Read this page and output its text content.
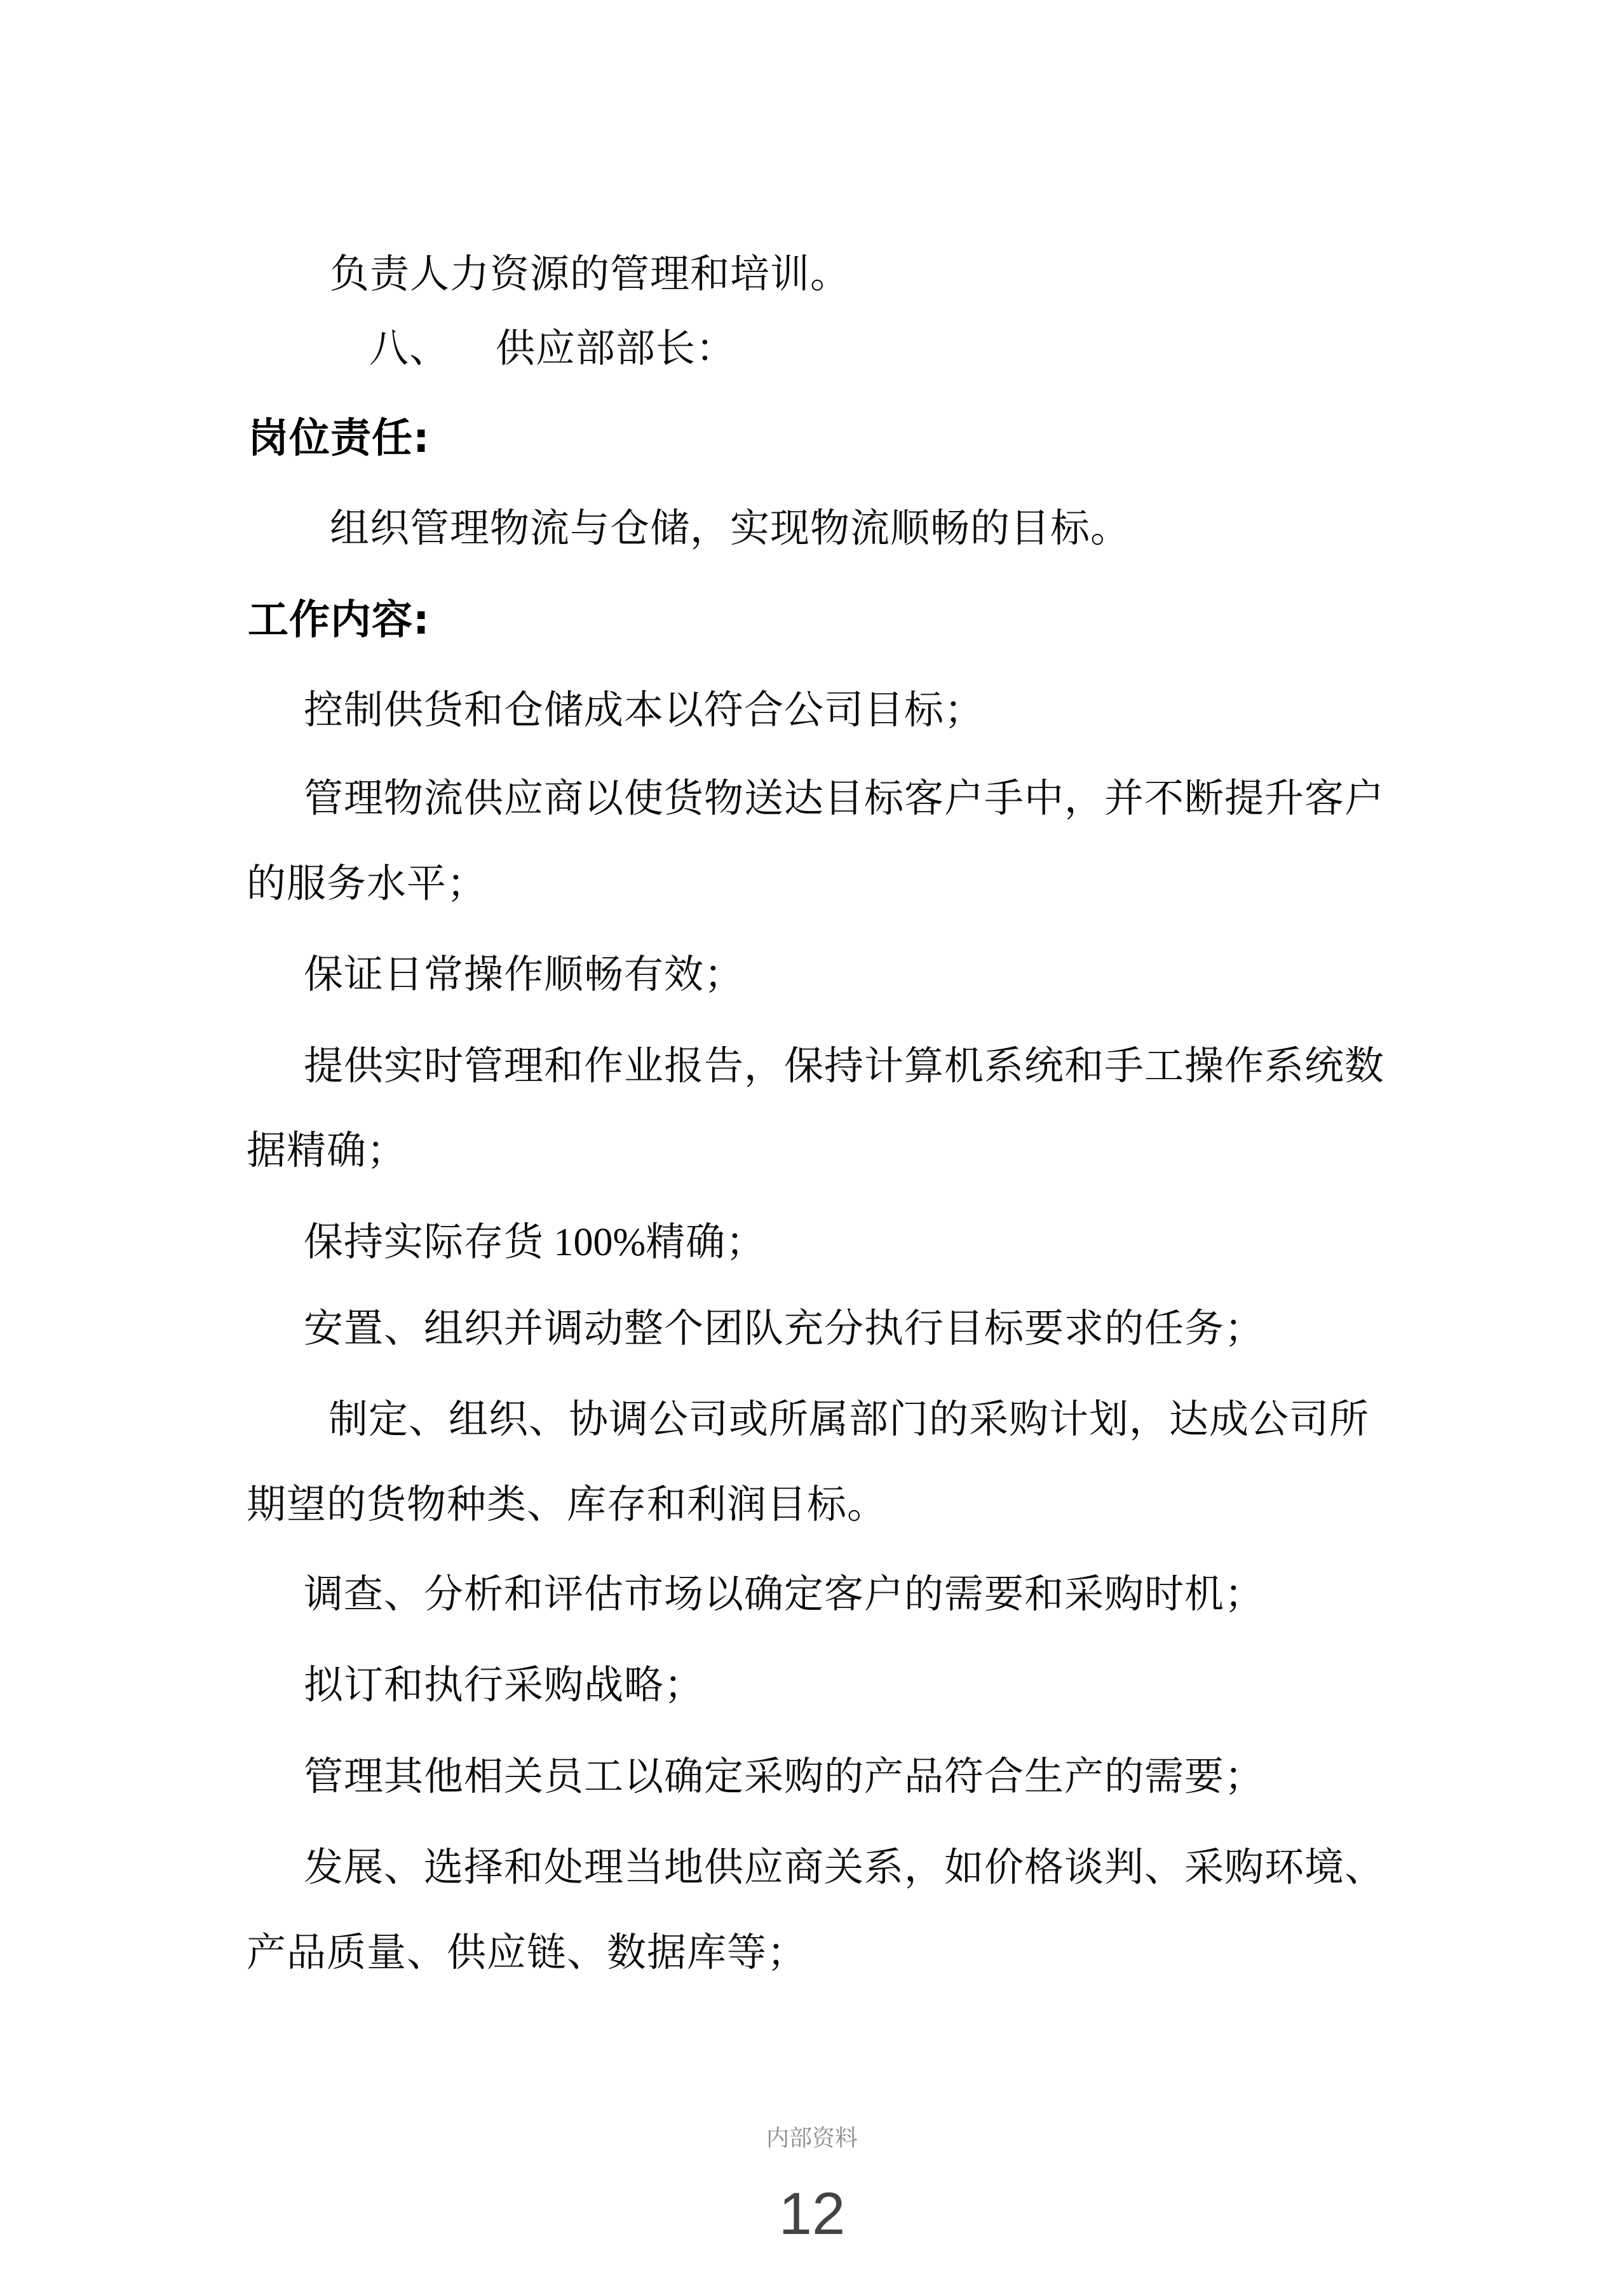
负责人力资源的管理和培训。
八、 供应部部长：
岗位责任:
组织管理物流与仓储，实现物流顺畅的目标。
工作内容:
控制供货和仓储成本以符合公司目标；
管理物流供应商以使货物送达目标客户手中，并不断提升客户
的服务水平；
保证日常操作顺畅有效；
提供实时管理和作业报告，保持计算机系统和手工操作系统数
据精确；
保持实际存货 100%精确；
安置、组织并调动整个团队充分执行目标要求的任务；
制定、组织、协调公司或所属部门的采购计划，达成公司所
期望的货物种类、库存和利润目标。
调查、分析和评估市场以确定客户的需要和采购时机；
拟订和执行采购战略；
管理其他相关员工以确定采购的产品符合生产的需要；
发展、选择和处理当地供应商关系，如价格谈判、采购环境、
产品质量、供应链、数据库等；
内部资料
12
